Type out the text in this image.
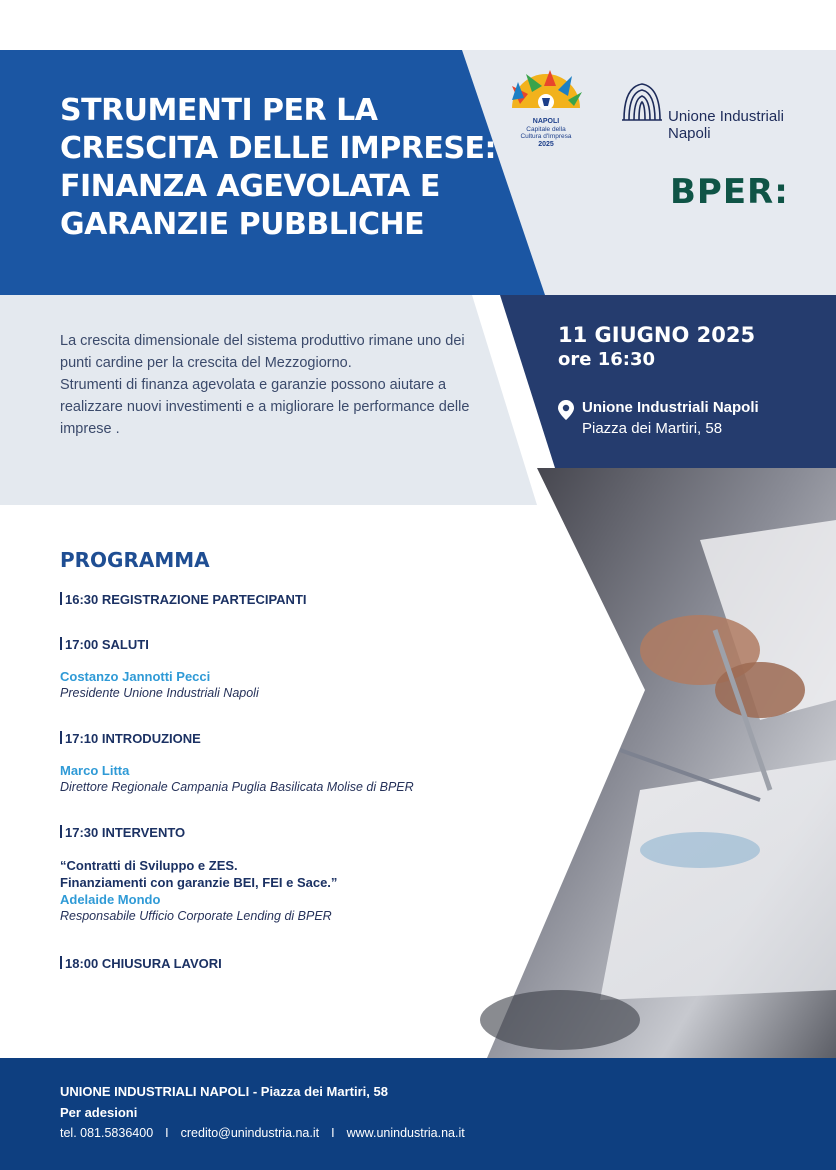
STRUMENTI PER LA
CRESCITA DELLE IMPRESE:
FINANZA AGEVOLATA E
GARANZIE PUBBLICHE
NAPOLI
Capitale della
Cultura d'Impresa
2025
Unione Industriali
Napoli
BPER:

La crescita dimensionale del sistema produttivo rimane uno dei punti cardine per la crescita del Mezzogiorno.

Strumenti di finanza agevolata e garanzie possono aiutare a realizzare nuovi investimenti e a migliorare le performance delle imprese .

11 GIUGNO 2025
ore 16:30
Unione Industriali Napoli
Piazza dei Martiri, 58
PROGRAMMA
16:30 REGISTRAZIONE PARTECIPANTI
17:00 SALUTI
Costanzo Jannotti Pecci
Presidente Unione Industriali Napoli
17:10 INTRODUZIONE
Marco Litta
Direttore Regionale Campania Puglia Basilicata Molise di BPER
17:30 INTERVENTO
“Contratti di Sviluppo e ZES.
Finanziamenti con garanzie BEI, FEI e Sace.”
Adelaide Mondo
Responsabile Ufficio Corporate Lending di BPER
18:00 CHIUSURA LAVORI
UNIONE INDUSTRIALI NAPOLI - Piazza dei Martiri, 58
Per adesioni
tel. 081.5836400 I credito@unindustria.na.it I www.unindustria.na.it
